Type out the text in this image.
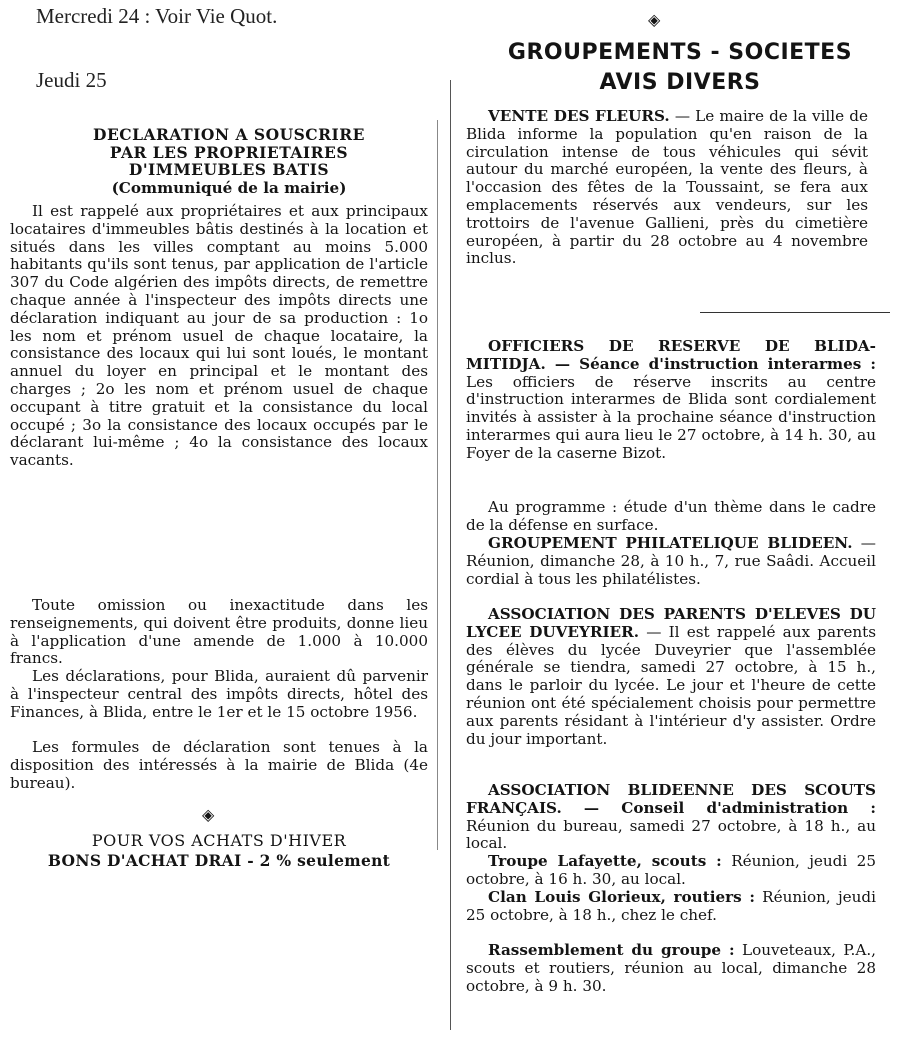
Mercredi 24 : Voir Vie Quot.
Jeudi 25
DECLARATION A SOUSCRIRE
PAR LES PROPRIETAIRES
D'IMMEUBLES BATIS
(Communiqué de la mairie)
Il est rappelé aux propriétaires et aux principaux locataires d'immeubles bâtis destinés à la location et situés dans les villes comptant au moins 5.000 habitants qu'ils sont tenus, par application de l'article 307 du Code algérien des impôts directs, de remettre chaque année à l'inspecteur des impôts directs une déclaration indiquant au jour de sa production : 1o les nom et prénom usuel de chaque locataire, la consistance des locaux qui lui sont loués, le montant annuel du loyer en principal et le montant des charges ; 2o les nom et prénom usuel de chaque occupant à titre gratuit et la consistance du local occupé ; 3o la consistance des locaux occupés par le déclarant lui-même ; 4o la consistance des locaux vacants.
Toute omission ou inexactitude dans les renseignements, qui doivent être produits, donne lieu à l'application d'une amende de 1.000 à 10.000 francs.
Les déclarations, pour Blida, auraient dû parvenir à l'inspecteur central des impôts directs, hôtel des Finances, à Blida, entre le 1er et le 15 octobre 1956.
Les formules de déclaration sont tenues à la disposition des intéressés à la mairie de Blida (4e bureau).
◈
POUR VOS ACHATS D'HIVER
BONS D'ACHAT DRAI - 2 % seulement
◈
GROUPEMENTS - SOCIETES
AVIS DIVERS
VENTE DES FLEURS. — Le maire de la ville de Blida informe la population qu'en raison de la circulation intense de tous véhicules qui sévit autour du marché européen, la vente des fleurs, à l'occasion des fêtes de la Toussaint, se fera aux emplacements réservés aux vendeurs, sur les trottoirs de l'avenue Gallieni, près du cimetière européen, à partir du 28 octobre au 4 novembre inclus.
OFFICIERS DE RESERVE DE BLIDA-MITIDJA. — Séance d'instruction interarmes : Les officiers de réserve inscrits au centre d'instruction interarmes de Blida sont cordialement invités à assister à la prochaine séance d'instruction interarmes qui aura lieu le 27 octobre, à 14 h. 30, au Foyer de la caserne Bizot.
Au programme : étude d'un thème dans le cadre de la défense en surface.
GROUPEMENT PHILATELIQUE BLIDEEN. — Réunion, dimanche 28, à 10 h., 7, rue Saâdi. Accueil cordial à tous les philatélistes.
ASSOCIATION DES PARENTS D'ELEVES DU LYCEE DUVEYRIER. — Il est rappelé aux parents des élèves du lycée Duveyrier que l'assemblée générale se tiendra, samedi 27 octobre, à 15 h., dans le parloir du lycée. Le jour et l'heure de cette réunion ont été spécialement choisis pour permettre aux parents résidant à l'intérieur d'y assister. Ordre du jour important.
ASSOCIATION BLIDEENNE DES SCOUTS FRANÇAIS. — Conseil d'administration : Réunion du bureau, samedi 27 octobre, à 18 h., au local.
Troupe Lafayette, scouts : Réunion, jeudi 25 octobre, à 16 h. 30, au local.
Clan Louis Glorieux, routiers : Réunion, jeudi 25 octobre, à 18 h., chez le chef.
Rassemblement du groupe : Louveteaux, P.A., scouts et routiers, réunion au local, dimanche 28 octobre, à 9 h. 30.
